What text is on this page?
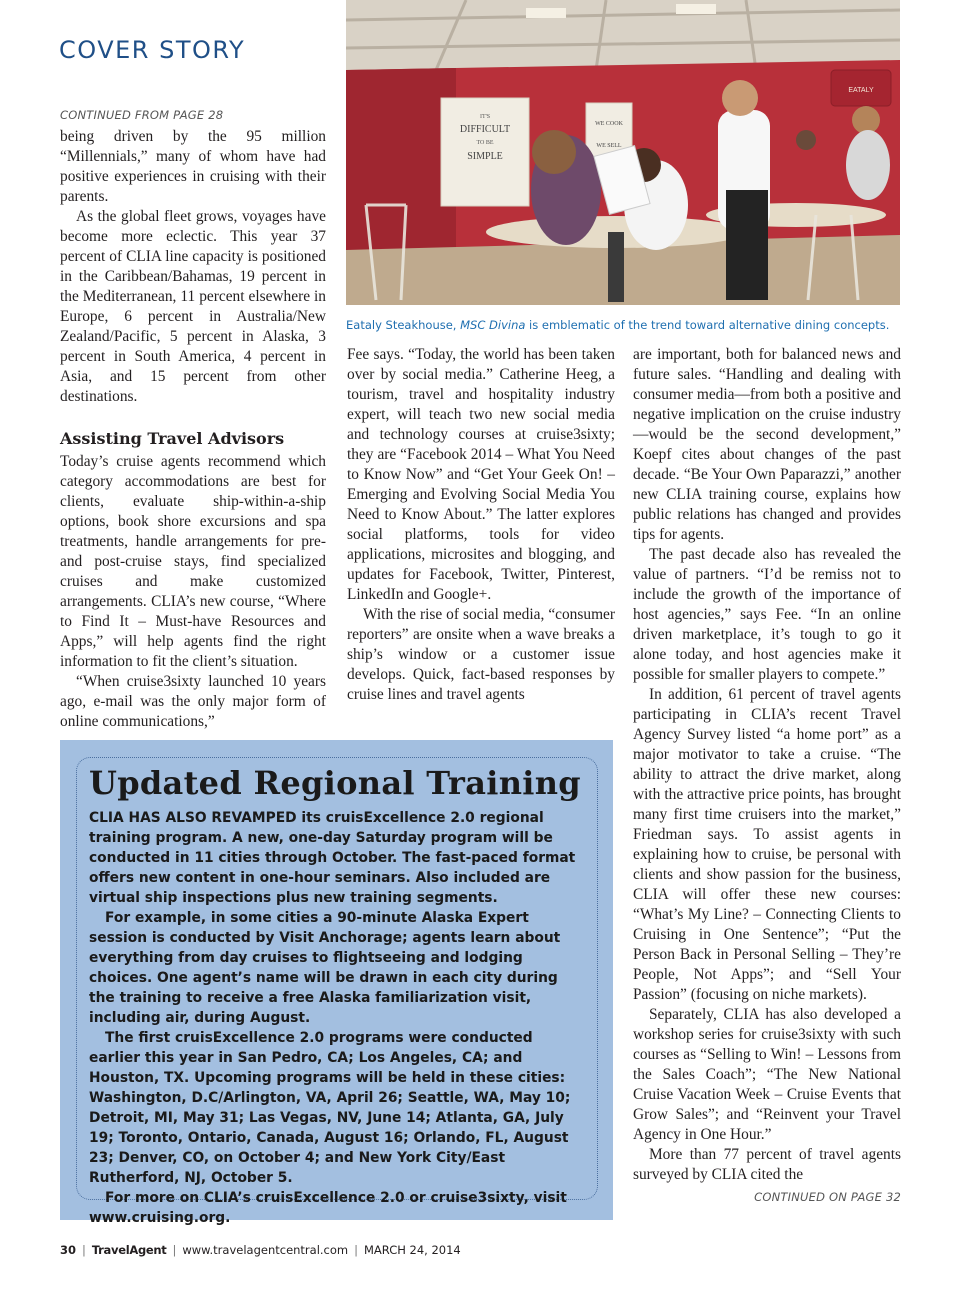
COVER STORY
IT'S
DIFFICULT
TO BE
SIMPLE
WE COOK
WE SELL
EATALY
Eataly Steakhouse, MSC Divina is emblematic of the trend toward alternative dining concepts.
CONTINUED FROM PAGE 28

being driven by the 95 million “Millennials,” many of whom have had positive experiences in cruising with their parents.

As the global fleet grows, voyages have become more eclectic. This year 37 percent of CLIA line capacity is positioned in the Caribbean/Bahamas, 19 percent in the Mediterranean, 11 percent elsewhere in Europe, 6 percent in Australia/New Zealand/Pacific, 5 percent in Alaska, 3 percent in South America, 4 percent in Asia, and 15 percent from other destinations.

Assisting Travel Advisors

Today’s cruise agents recommend which category accommodations are best for clients, evaluate ship-within-a-ship options, book shore excursions and spa treatments, handle arrangements for pre- and post-cruise stays, find specialized cruises and make customized arrangements. CLIA’s new course, “Where to Find It – Must-have Resources and Apps,” will help agents find the right information to fit the client’s situation.

“When cruise3sixty launched 10 years ago, e-mail was the only major form of online communications,”

Fee says. “Today, the world has been taken over by social media.” Catherine Heeg, a tourism, travel and hospitality industry expert, will teach two new social media and technology courses at cruise3sixty; they are “Facebook 2014 – What You Need to Know Now” and “Get Your Geek On! – Emerging and Evolving Social Media You Need to Know About.” The latter explores social platforms, tools for video applications, microsites and blogging, and updates for Facebook, Twitter, Pinterest, LinkedIn and Google+.

With the rise of social media, “consumer reporters” are onsite when a wave breaks a ship’s window or a customer issue develops. Quick, fact-based responses by cruise lines and travel agents

are important, both for balanced news and future sales. “Handling and dealing with consumer media—from both a positive and negative implication on the cruise industry—would be the second development,” Koepf cites about changes of the past decade. “Be Your Own Paparazzi,” another new CLIA training course, explains how public relations has changed and provides tips for agents.

The past decade also has revealed the value of partners. “I’d be remiss not to include the growth of the importance of host agencies,” says Fee. “In an online driven marketplace, it’s tough to go it alone today, and host agencies make it possible for smaller players to compete.”

In addition, 61 percent of travel agents participating in CLIA’s recent Travel Agency Survey listed “a home port” as a major motivator to take a cruise. “The ability to attract the drive market, along with the attractive price points, has brought many first time cruisers into the market,” Friedman says. To assist agents in explaining how to cruise, be personal with clients and show passion for the business, CLIA will offer these new courses: “What’s My Line? – Connecting Clients to Cruising in One Sentence”; “Put the Person Back in Personal Selling – They’re People, Not Apps”; and “Sell Your Passion” (focusing on niche markets).

Separately, CLIA has also developed a workshop series for cruise3sixty with such courses as “Selling to Win! – Lessons from the Sales Coach”; “The New National Cruise Vacation Week – Cruise Events that Grow Sales”; and “Reinvent your Travel Agency in One Hour.”

More than 77 percent of travel agents surveyed by CLIA cited the

CONTINUED ON PAGE 32
Updated Regional Training

CLIA HAS ALSO REVAMPED its cruisExcellence 2.0 regional training program. A new, one-day Saturday program will be conducted in 11 cities through October. The fast-paced format offers new content in one-hour seminars. Also included are virtual ship inspections plus new training segments.

For example, in some cities a 90-minute Alaska Expert session is conducted by Visit Anchorage; agents learn about everything from day cruises to flightseeing and lodging choices. One agent’s name will be drawn in each city during the training to receive a free Alaska familiarization visit, including air, during August.

The first cruisExcellence 2.0 programs were conducted earlier this year in San Pedro, CA; Los Angeles, CA; and Houston, TX. Upcoming programs will be held in these cities: Washington, D.C/Arlington, VA, April 26; Seattle, WA, May 10; Detroit, MI, May 31; Las Vegas, NV, June 14; Atlanta, GA, July 19; Toronto, Ontario, Canada, August 16; Orlando, FL, August 23; Denver, CO, on October 4; and New York City/East Rutherford, NJ, October 5.

For more on CLIA’s cruisExcellence 2.0 or cruise3sixty, visit www.cruising.org.

30 | TravelAgent | www.travelagentcentral.com | MARCH 24, 2014
